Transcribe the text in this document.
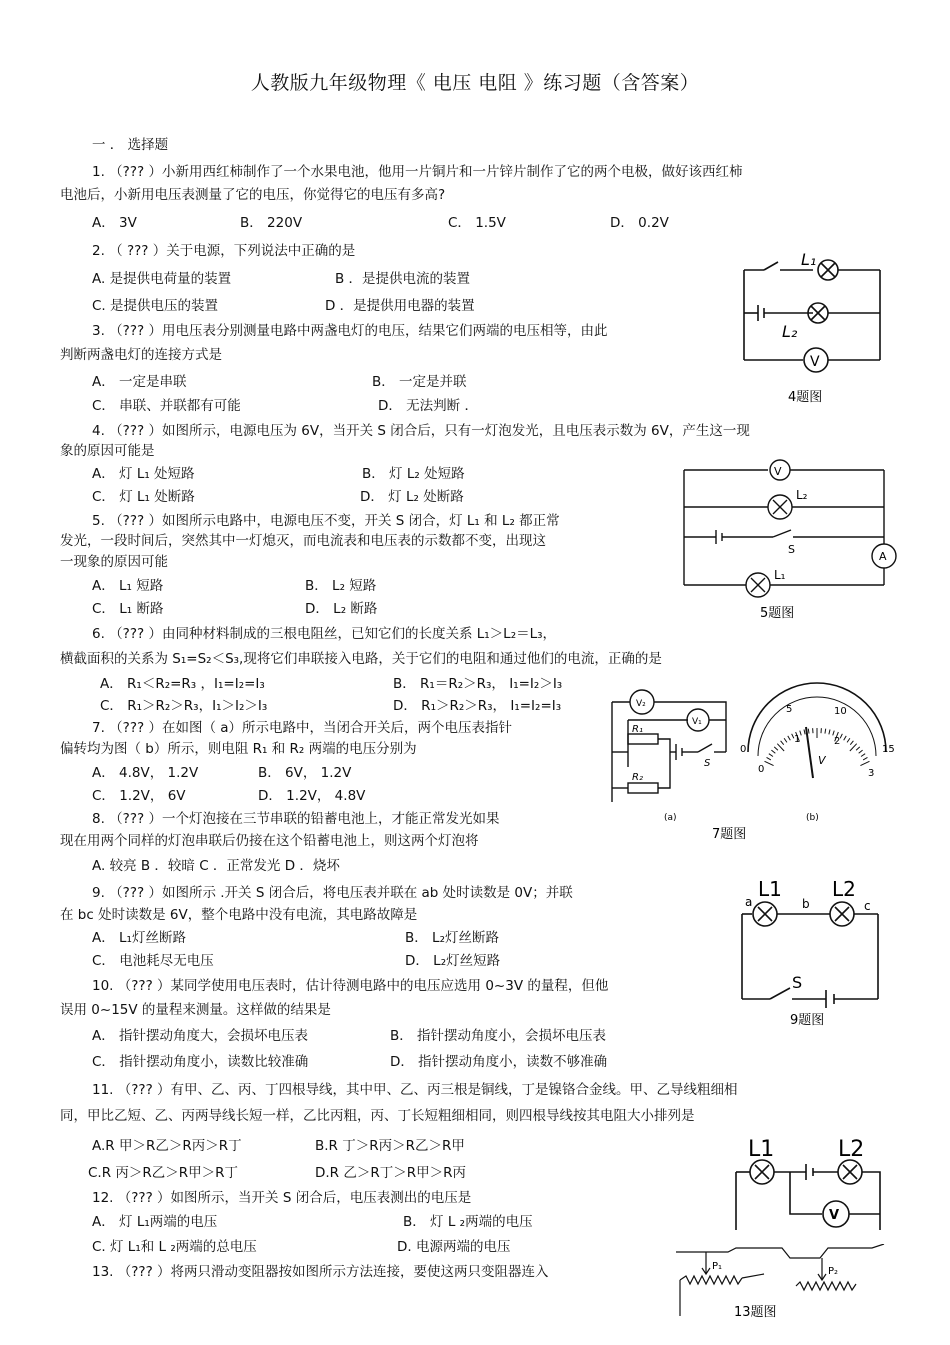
人教版九年级物理《 电压 电阻 》练习题（含答案）
一 ． 选择题
1. （??? ）小新用西红柿制作了一个水果电池，他用一片铜片和一片锌片制作了它的两个电极，做好该西红柿
电池后，小新用电压表测量了它的电压，你觉得它的电压有多高?
A． 3V	B． 220V	C． 1.5V	D． 0.2V
2. （ ??? ）关于电源，下列说法中正确的是
A. 是提供电荷量的装置	B ．是提供电流的装置
C. 是提供电压的装置	D ．是提供用电器的装置
3. （??? ）用电压表分别测量电路中两盏电灯的电压，结果它们两端的电压相等，由此
判断两盏电灯的连接方式是
A． 一定是串联	B． 一定是并联
C． 串联、并联都有可能	D． 无法判断 ．
4. （??? ）如图所示，电源电压为 6V，当开关 S 闭合后，只有一灯泡发光，且电压表示数为 6V，产生这一现
象的原因可能是
A． 灯 L₁ 处短路	B． 灯 L₂ 处短路
C． 灯 L₁ 处断路	D． 灯 L₂ 处断路
5. （??? ）如图所示电路中，电源电压不变，开关 S 闭合，灯 L₁ 和 L₂ 都正常
发光，一段时间后，突然其中一灯熄灭，而电流表和电压表的示数都不变，出现这
一现象的原因可能
A． L₁ 短路	B． L₂ 短路
C． L₁ 断路	D． L₂ 断路
6. （??? ）由同种材料制成的三根电阻丝，已知它们的长度关系 L₁＞L₂＝L₃，
横截面积的关系为 S₁=S₂＜S₃,现将它们串联接入电路，关于它们的电阻和通过他们的电流，正确的是
A． R₁＜R₂=R₃ ，I₁=I₂=I₃	B． R₁＝R₂＞R₃， I₁=I₂＞I₃
C． R₁＞R₂＞R₃，I₁＞I₂＞I₃	D． R₁＞R₂＞R₃， I₁=I₂=I₃
7. （??? ）在如图（ a）所示电路中，当闭合开关后，两个电压表指针
偏转均为图（ b）所示，则电阻 R₁ 和 R₂ 两端的电压分别为
A． 4.8V， 1.2V	B． 6V， 1.2V
C． 1.2V， 6V	D． 1.2V， 4.8V
8. （??? ）一个灯泡接在三节串联的铅蓄电池上，才能正常发光如果
现在用两个同样的灯泡串联后仍接在这个铅蓄电池上，则这两个灯泡将
A. 较亮 B ．较暗 C ．正常发光 D ．烧坏
9. （??? ）如图所示 .开关 S 闭合后，将电压表并联在 ab 处时读数是 0V；并联
在 bc 处时读数是 6V，整个电路中没有电流，其电路故障是
A． L₁灯丝断路	B． L₂灯丝断路
C． 电池耗尽无电压	D． L₂灯丝短路
10. （??? ）某同学使用电压表时，估计待测电路中的电压应选用 0~3V 的量程，但他
误用 0~15V 的量程来测量。这样做的结果是
A． 指针摆动角度大，会损坏电压表	B． 指针摆动角度小，会损坏电压表
C． 指针摆动角度小，读数比较准确	D． 指针摆动角度小，读数不够准确
11. （??? ）有甲、乙、丙、丁四根导线，其中甲、乙、丙三根是铜线，丁是镍铬合金线。甲、乙导线粗细相
同，甲比乙短、乙、丙两导线长短一样，乙比丙粗，丙、丁长短粗细相同，则四根导线按其电阻大小排列是
A.R 甲＞R乙＞R丙＞R丁	B.R 丁＞R丙＞R乙＞R甲
C.R 丙＞R乙＞R甲＞R丁	D.R 乙＞R丁＞R甲＞R丙
12. （??? ）如图所示，当开关 S 闭合后，电压表测出的电压是
A． 灯 L₁两端的电压	B． 灯 L ₂两端的电压
C. 灯 L₁和 L ₂两端的总电压	D. 电源两端的电压
13. （??? ）将两只滑动变阻器按如图所示方法连接，要使这两只变阻器连入
L₁
L₂
V
4题图
V
L₂
S
A
L₁
5题图
V₂
V₁
R₁
R₂
S
(a)	(b)
V
0
5	10
15
0
1	2
3
7题图
L1	L2
a	b	c
S
9题图
L1	L2
V
P₁	P₂
13题图
